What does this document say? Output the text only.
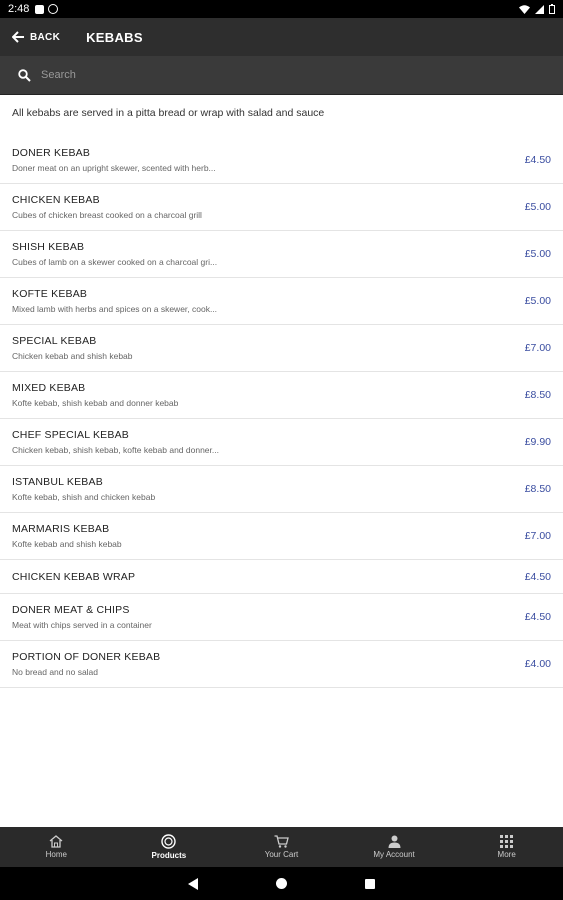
2:48
BACK KEBABS
Search
All kebabs are served in a pitta bread or wrap with salad and sauce
DONER KEBAB
Doner meat on an upright skewer, scented with herb...
£4.50
CHICKEN KEBAB
Cubes of chicken breast cooked on a charcoal grill
£5.00
SHISH KEBAB
Cubes of lamb on a skewer cooked on a charcoal gri...
£5.00
KOFTE KEBAB
Mixed lamb with herbs and spices on a skewer, cook...
£5.00
SPECIAL KEBAB
Chicken kebab and shish kebab
£7.00
MIXED KEBAB
Kofte kebab, shish kebab and donner kebab
£8.50
CHEF SPECIAL KEBAB
Chicken kebab, shish kebab, kofte kebab and donner...
£9.90
ISTANBUL KEBAB
Kofte kebab, shish and chicken kebab
£8.50
MARMARIS KEBAB
Kofte kebab and shish kebab
£7.00
CHICKEN KEBAB WRAP	£4.50
DONER MEAT & CHIPS
Meat with chips served in a container
£4.50
PORTION OF DONER KEBAB
No bread and no salad
£4.00
Home	Products	Your Cart	My Account	More
